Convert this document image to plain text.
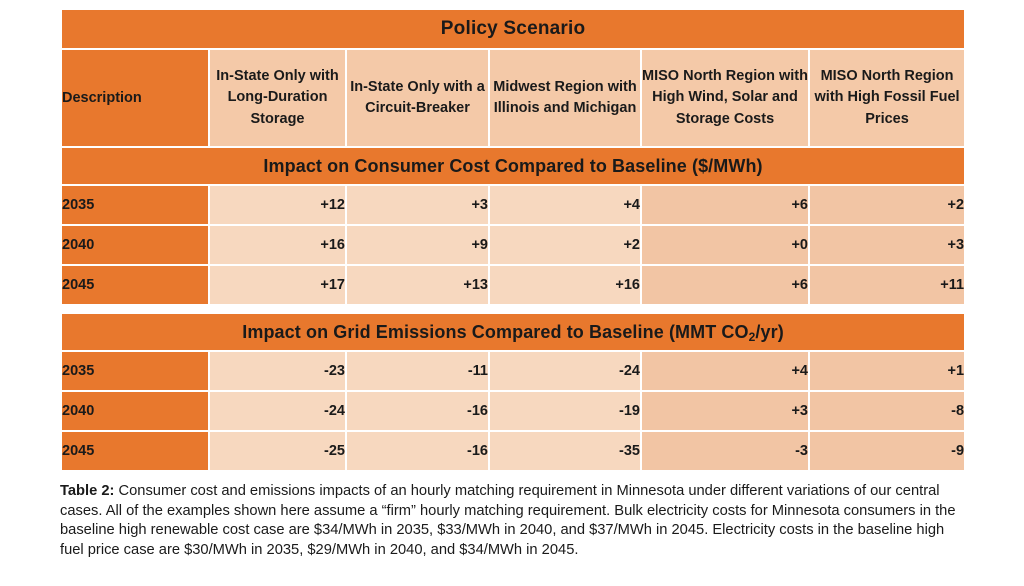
Policy Scenario					
Description	In-State Only with Long-Duration Storage	In-State Only with a Circuit-Breaker	Midwest Region with Illinois and Michigan	MISO North Region with High Wind, Solar and Storage Costs	MISO North Region with High Fossil Fuel Prices
Impact on Consumer Cost Compared to Baseline ($/MWh)					
2035	+12	+3	+4	+6	+2
2040	+16	+9	+2	+0	+3
2045	+17	+13	+16	+6	+11

Impact on Grid Emissions Compared to Baseline (MMT $CO_2/yr$)					
2035	-23	-11	-24	+4	+1
2040	-24	-16	-19	+3	-8
2045	-25	-16	-35	-3	-9
Table 2: Consumer cost and emissions impacts of an hourly matching requirement in Minnesota under different variations of our central cases. All of the examples shown here assume a “firm” hourly matching requirement. Bulk electricity costs for Minnesota consumers in the baseline high renewable cost case are $34/MWh in 2035, $33/MWh in 2040, and $37/MWh in 2045. Electricity costs in the baseline high fuel price case are $30/MWh in 2035, $29/MWh in 2040, and $34/MWh in 2045.
